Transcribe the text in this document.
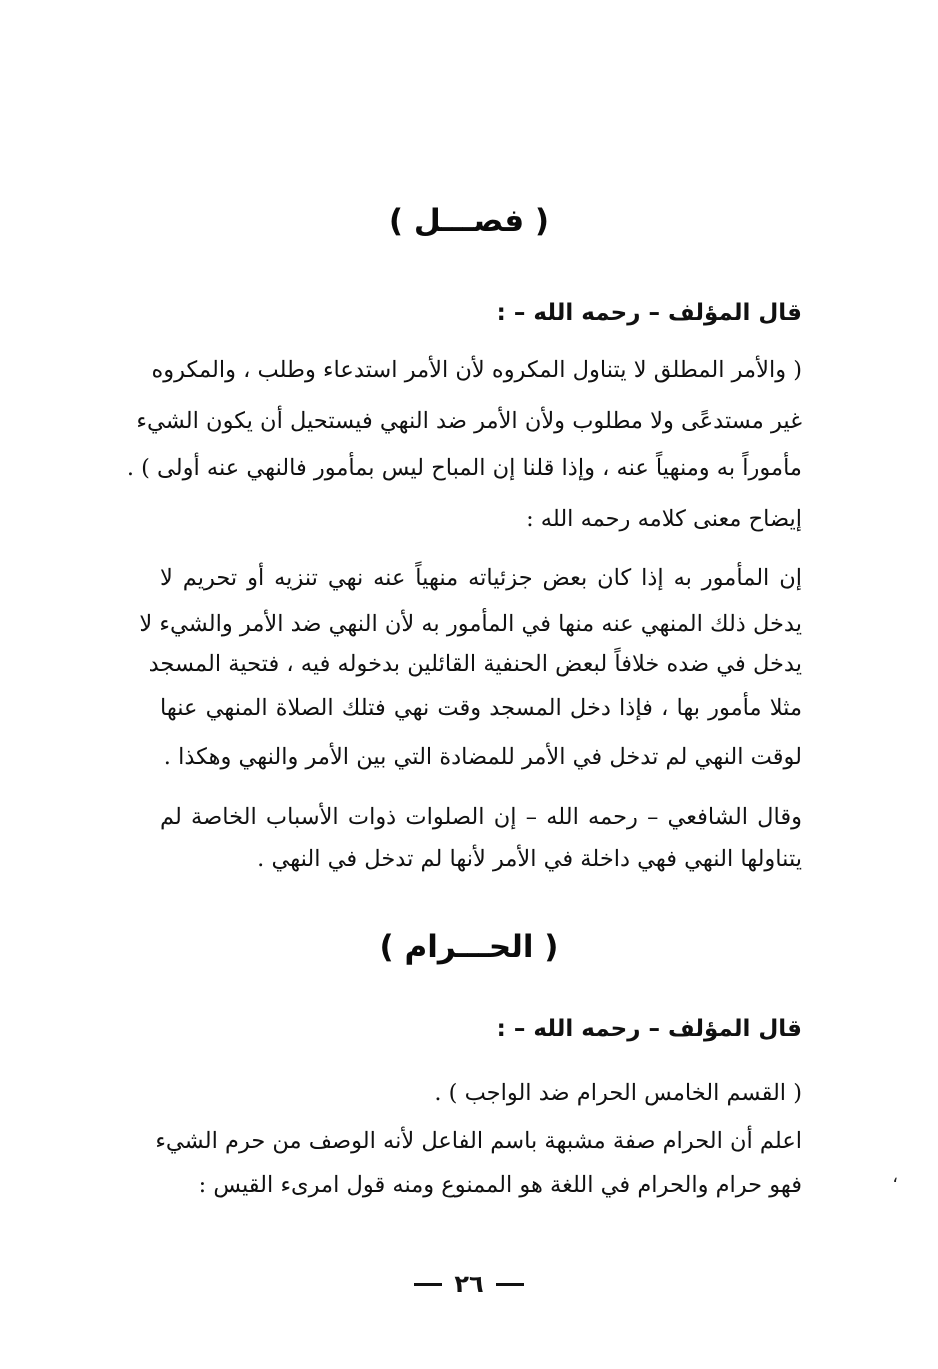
( فصـــل )
قال المؤلف – رحمه الله – :
( والأمر المطلق لا يتناول المكروه لأن الأمر استدعاء وطلب ، والمكروه
غير مستدعًى ولا مطلوب ولأن الأمر ضد النهي فيستحيل أن يكون الشيء
مأموراً به ومنهياً عنه ، وإذا قلنا إن المباح ليس بمأمور فالنهي عنه أولى ) .
إيضاح معنى كلامه رحمه الله :
إن المأمور به إذا كان بعض جزئياته منهياً عنه نهي تنزيه أو تحريم لا
يدخل ذلك المنهي عنه منها في المأمور به لأن النهي ضد الأمر والشيء لا
يدخل في ضده خلافاً لبعض الحنفية القائلين بدخوله فيه ، فتحية المسجد
مثلا مأمور بها ، فإذا دخل المسجد وقت نهي فتلك الصلاة المنهي عنها
لوقت النهي لم تدخل في الأمر للمضادة التي بين الأمر والنهي وهكذا .
وقال الشافعي – رحمه الله – إن الصلوات ذوات الأسباب الخاصة لم
يتناولها النهي فهي داخلة في الأمر لأنها لم تدخل في النهي .
( الحـــرام )
قال المؤلف – رحمه الله – :
( القسم الخامس الحرام ضد الواجب ) .
اعلم أن الحرام صفة مشبهة باسم الفاعل لأنه الوصف من حرم الشيء
فهو حرام والحرام في اللغة هو الممنوع ومنه قول امرىء القيس :	،
٢٦
